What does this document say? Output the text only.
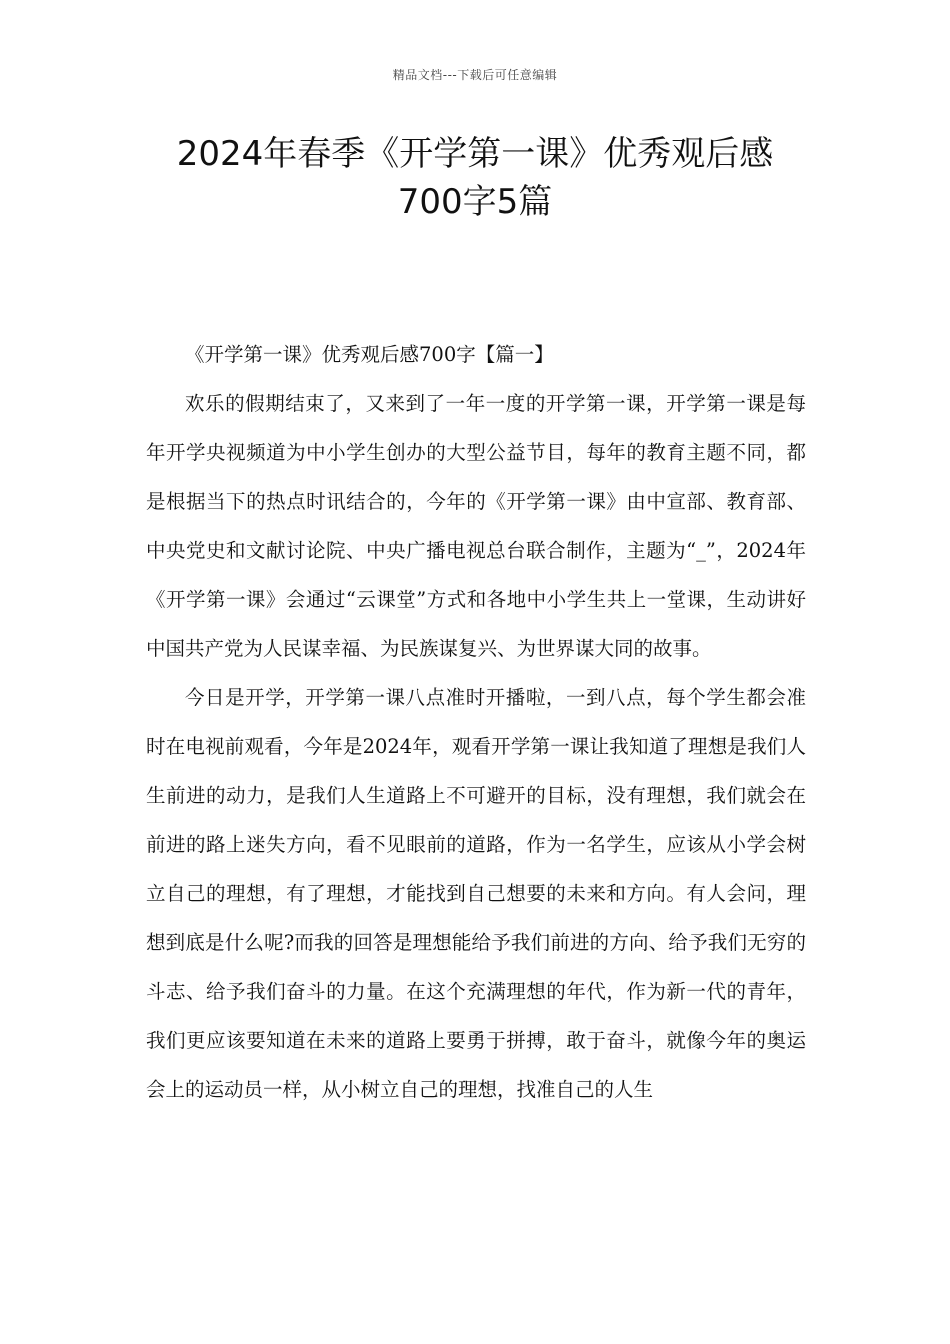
精品文档---下载后可任意编辑
2024年春季《开学第一课》优秀观后感
700字5篇

《开学第一课》优秀观后感700字【篇一】

欢乐的假期结束了，又来到了一年一度的开学第一课，开学第一课是每年开学央视频道为中小学生创办的大型公益节目，每年的教育主题不同，都是根据当下的热点时讯结合的，今年的《开学第一课》由中宣部、教育部、中央党史和文献讨论院、中央广播电视总台联合制作，主题为“_”，2024年《开学第一课》会通过“云课堂”方式和各地中小学生共上一堂课，生动讲好中国共产党为人民谋幸福、为民族谋复兴、为世界谋大同的故事。

今日是开学，开学第一课八点准时开播啦，一到八点，每个学生都会准时在电视前观看，今年是2024年，观看开学第一课让我知道了理想是我们人生前进的动力，是我们人生道路上不可避开的目标，没有理想，我们就会在前进的路上迷失方向，看不见眼前的道路，作为一名学生，应该从小学会树立自己的理想，有了理想，才能找到自己想要的未来和方向。有人会问，理想到底是什么呢?而我的回答是理想能给予我们前进的方向、给予我们无穷的斗志、给予我们奋斗的力量。在这个充满理想的年代，作为新一代的青年，我们更应该要知道在未来的道路上要勇于拼搏，敢于奋斗，就像今年的奥运会上的运动员一样，从小树立自己的理想，找准自己的人生
